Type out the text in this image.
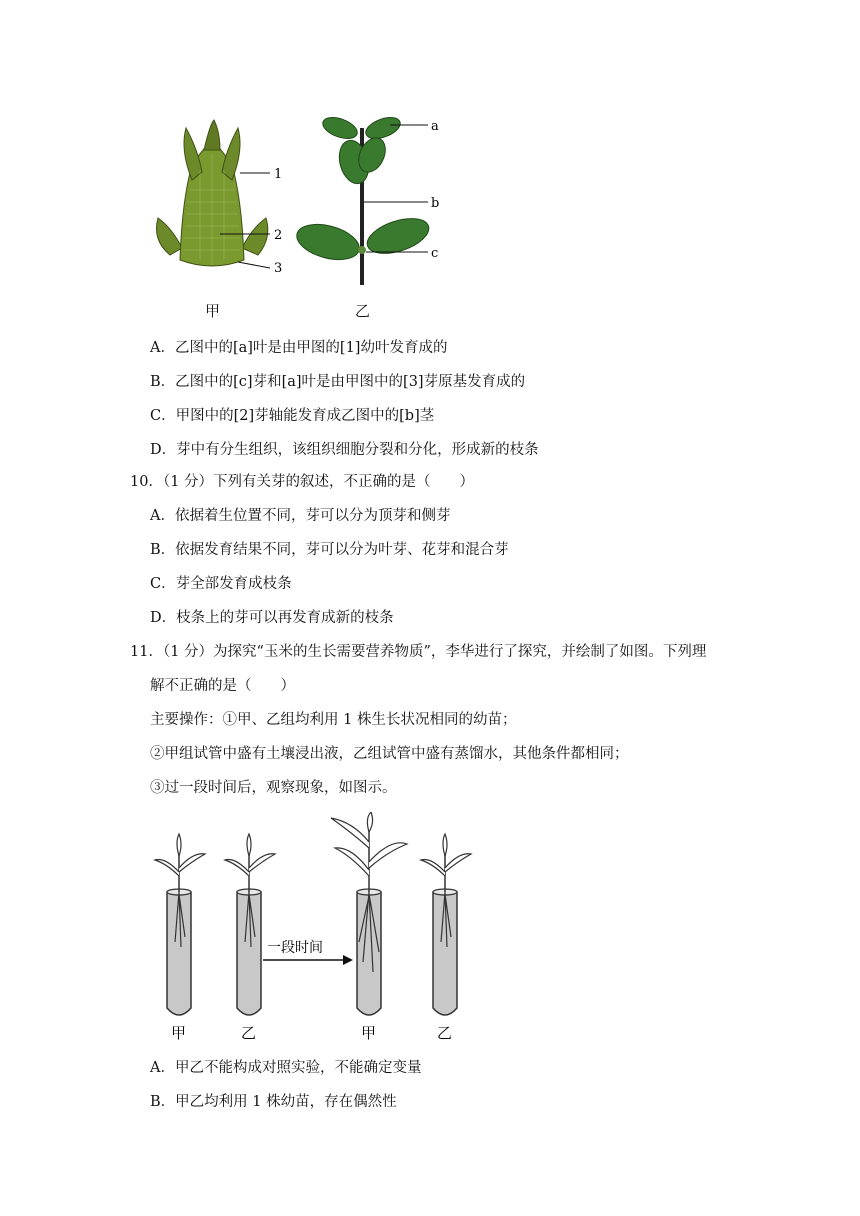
1
2
3
a
b
c
甲	乙
A．乙图中的[a]叶是由甲图的[1]幼叶发育成的
B．乙图中的[c]芽和[a]叶是由甲图中的[3]芽原基发育成的
C．甲图中的[2]芽轴能发育成乙图中的[b]茎
D．芽中有分生组织，该组织细胞分裂和分化，形成新的枝条
10．（1 分）下列有关芽的叙述，不正确的是（　　）
A．依据着生位置不同，芽可以分为顶芽和侧芽
B．依据发育结果不同，芽可以分为叶芽、花芽和混合芽
C．芽全部发育成枝条
D．枝条上的芽可以再发育成新的枝条
11．（1 分）为探究“玉米的生长需要营养物质”，李华进行了探究，并绘制了如图。下列理
解不正确的是（　　）
主要操作：①甲、乙组均利用 1 株生长状况相同的幼苗；
②甲组试管中盛有土壤浸出液，乙组试管中盛有蒸馏水，其他条件都相同；
③过一段时间后，观察现象，如图示。
一段时间
甲	乙	甲	乙
A．甲乙不能构成对照实验，不能确定变量
B．甲乙均利用 1 株幼苗，存在偶然性
